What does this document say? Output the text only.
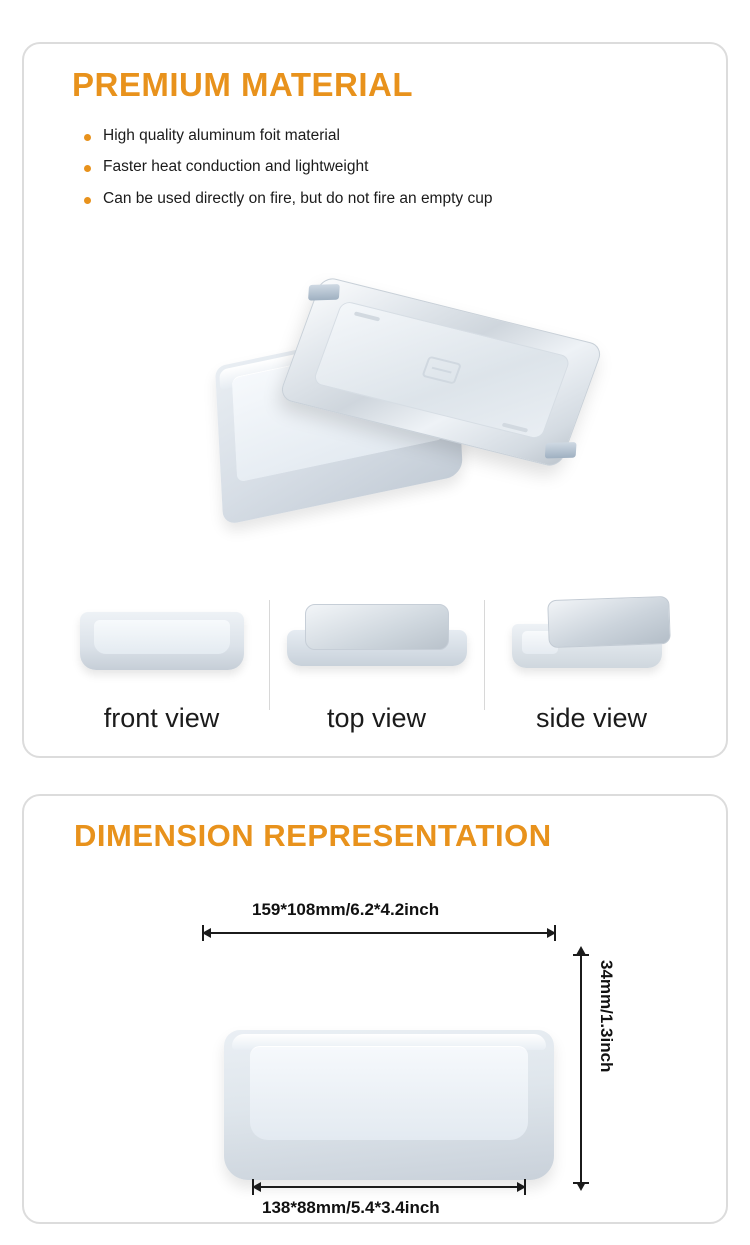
PREMIUM MATERIAL
High quality aluminum foit material
Faster heat conduction and lightweight
Can be used directly on fire, but do not fire an empty cup
front view	top view	side view
DIMENSION REPRESENTATION
159*108mm/6.2*4.2inch
34mm/1.3inch
138*88mm/5.4*3.4inch
